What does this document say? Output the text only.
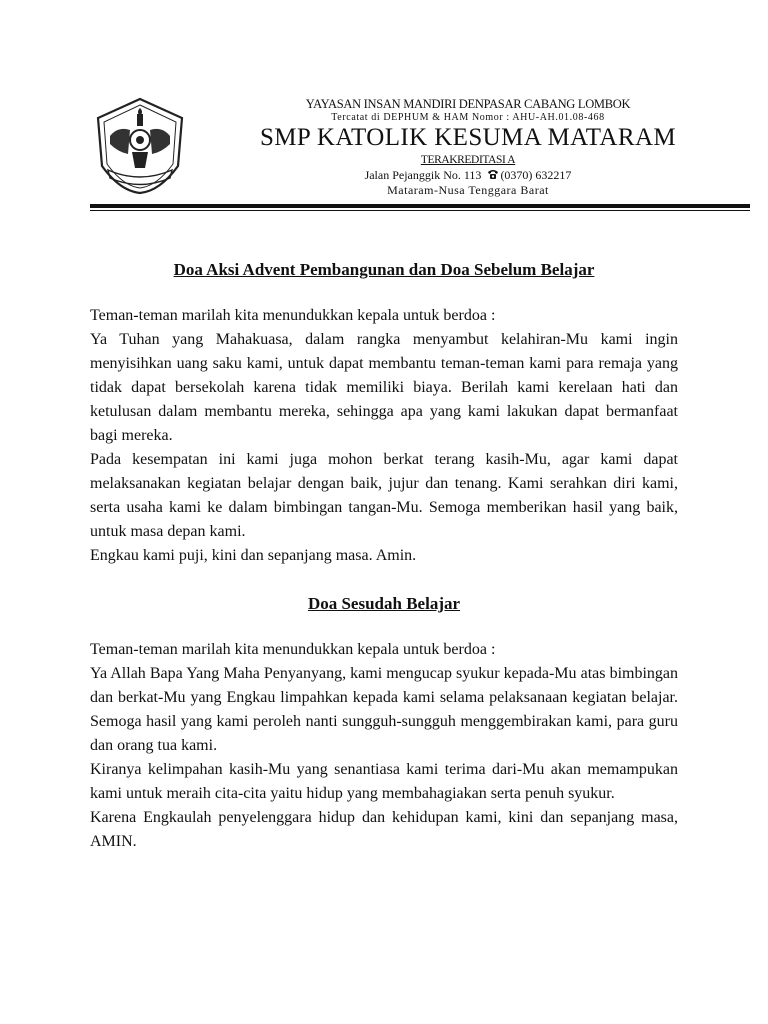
YAYASAN INSAN MANDIRI DENPASAR CABANG LOMBOK
Tercatat di DEPHUM & HAM Nomor : AHU-AH.01.08-468
SMP KATOLIK KESUMA MATARAM
TERAKREDITASI A
Jalan Pejanggik No. 113 (0370) 632217
Mataram-Nusa Tenggara Barat
Doa Aksi Advent Pembangunan dan Doa Sebelum Belajar

Teman-teman marilah kita menundukkan kepala untuk berdoa :

Ya Tuhan yang Mahakuasa, dalam rangka menyambut kelahiran-Mu kami ingin menyisihkan uang saku kami, untuk dapat membantu teman-teman kami para remaja yang tidak dapat bersekolah karena tidak memiliki biaya. Berilah kami kerelaan hati dan ketulusan dalam membantu mereka, sehingga apa yang kami lakukan dapat bermanfaat bagi mereka.

Pada kesempatan ini kami juga mohon berkat terang kasih-Mu, agar kami dapat melaksanakan kegiatan belajar dengan baik, jujur dan tenang. Kami serahkan diri kami, serta usaha kami ke dalam bimbingan tangan-Mu. Semoga memberikan hasil yang baik, untuk masa depan kami.

Engkau kami puji, kini dan sepanjang masa. Amin.

Doa Sesudah Belajar

Teman-teman marilah kita menundukkan kepala untuk berdoa :

Ya Allah Bapa Yang Maha Penyanyang, kami mengucap syukur kepada-Mu atas bimbingan dan berkat-Mu yang Engkau limpahkan kepada kami selama pelaksanaan kegiatan belajar. Semoga hasil yang kami peroleh nanti sungguh-sungguh menggembirakan kami, para guru dan orang tua kami.

Kiranya kelimpahan kasih-Mu yang senantiasa kami terima dari-Mu akan memampukan kami untuk meraih cita-cita yaitu hidup yang membahagiakan serta penuh syukur.

Karena Engkaulah penyelenggara hidup dan kehidupan kami, kini dan sepanjang masa, AMIN.
